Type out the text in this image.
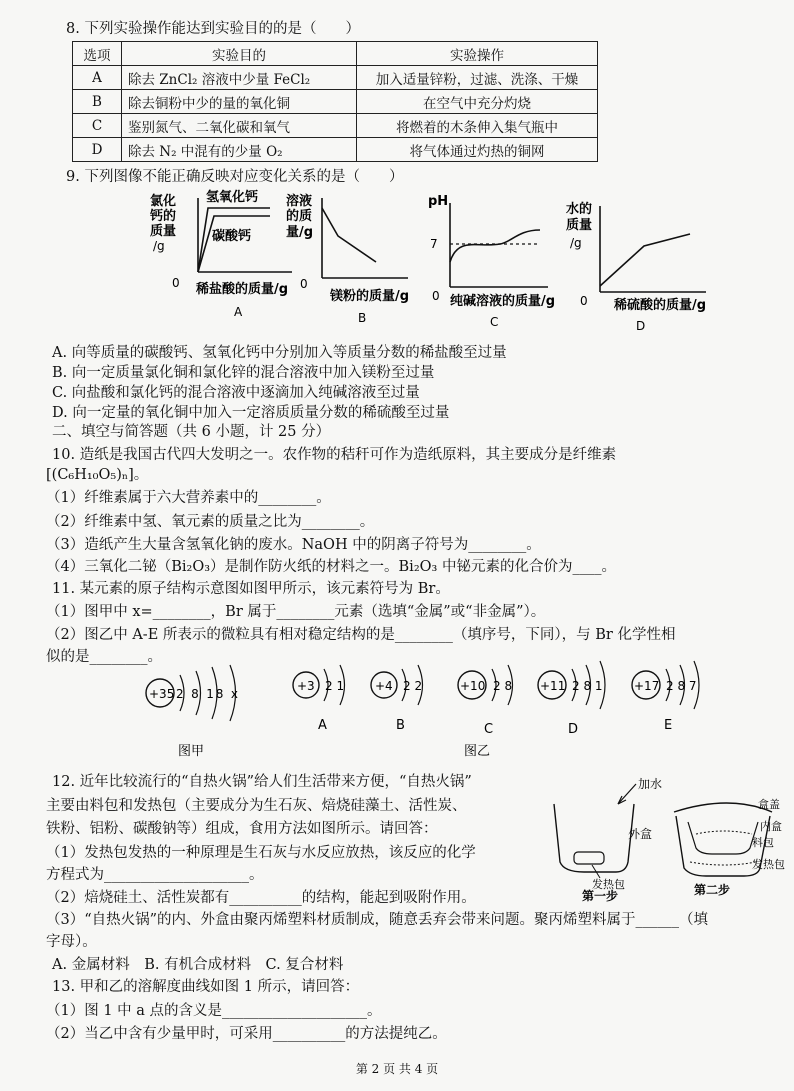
8. 下列实验操作能达到实验目的的是（　　）
选项	实验目的	实验操作
A	除去 ZnCl₂ 溶液中少量 FeCl₂	加入适量锌粉，过滤、洗涤、干燥
B	除去铜粉中少的量的氧化铜	在空气中充分灼烧
C	鉴别氮气、二氧化碳和氧气	将燃着的木条伸入集气瓶中
D	除去 N₂ 中混有的少量 O₂	将气体通过灼热的铜网
9. 下列图像不能正确反映对应变化关系的是（　　）
氯化
钙的
质量
/g
氢氧化钙
碳酸钙
0 稀盐酸的质量/g
A
溶液
的质
量/g
0
镁粉的质量/g
B
pH
7
0 纯碱溶液的质量/g
C
水的
质量
/g
0 稀硫酸的质量/g
D
A. 向等质量的碳酸钙、氢氧化钙中分别加入等质量分数的稀盐酸至过量
B. 向一定质量氯化铜和氯化锌的混合溶液中加入镁粉至过量
C. 向盐酸和氯化钙的混合溶液中逐滴加入纯碱溶液至过量
D. 向一定量的氧化铜中加入一定溶质质量分数的稀硫酸至过量
二、填空与简答题（共 6 小题，计 25 分）
10. 造纸是我国古代四大发明之一。农作物的秸秆可作为造纸原料，其主要成分是纤维素
[(C₆H₁₀O₅)ₙ]。
（1）纤维素属于六大营养素中的________。
（2）纤维素中氢、氧元素的质量之比为________。
（3）造纸产生大量含氢氧化钠的废水。NaOH 中的阴离子符号为________。
（4）三氧化二铋（Bi₂O₃）是制作防火纸的材料之一。Bi₂O₃ 中铋元素的化合价为____。
11. 某元素的原子结构示意图如图甲所示，该元素符号为 Br。
（1）图甲中 x=________，Br 属于________元素（选填“金属”或“非金属”）。
（2）图乙中 A-E 所表示的微粒具有相对稳定结构的是________（填序号，下同），与 Br 化学性相
似的是________。
+35 2 8 18 x
+3 2 1
A
+4 2 2
B
+10 2 8
C
+11 2 8 1
D
+17 2 8 7
E
图甲	图乙
12. 近年比较流行的“自热火锅”给人们生活带来方便，“自热火锅”
主要由料包和发热包（主要成分为生石灰、焙烧硅藻土、活性炭、
铁粉、铝粉、碳酸钠等）组成，食用方法如图所示。请回答：
（1）发热包发热的一种原理是生石灰与水反应放热，该反应的化学
方程式为____________________。
（2）焙烧硅土、活性炭都有__________的结构，能起到吸附作用。
（3）“自热火锅”的内、外盒由聚丙烯塑料材质制成，随意丢弃会带来问题。聚丙烯塑料属于______（填
字母）。
A. 金属材料　B. 有机合成材料　C. 复合材料
加水
外盒
发热包
第一步
盒盖
内盒
料包
发热包
第二步
13. 甲和乙的溶解度曲线如图 1 所示，请回答：
（1）图 1 中 a 点的含义是____________________。
（2）当乙中含有少量甲时，可采用__________的方法提纯乙。
第 2 页 共 4 页
